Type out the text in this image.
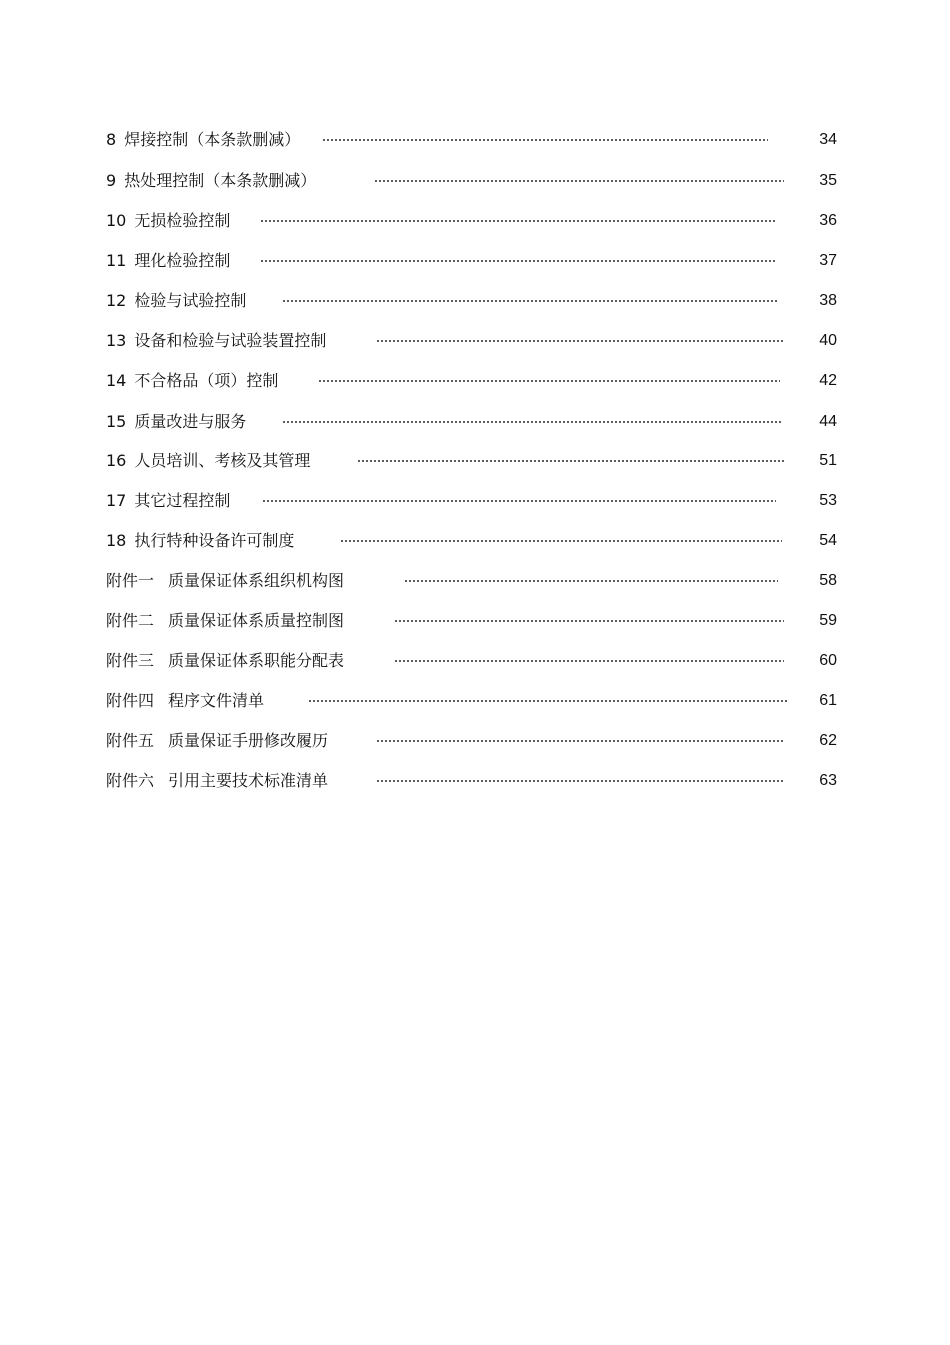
8 焊接控制（本条款删减）	34
9 热处理控制（本条款删减）	35
10 无损检验控制	36
11 理化检验控制	37
12 检验与试验控制	38
13 设备和检验与试验装置控制	40
14 不合格品（项）控制	42
15 质量改进与服务	44
16 人员培训、考核及其管理	51
17 其它过程控制	53
18 执行特种设备许可制度	54
附件一 质量保证体系组织机构图	58
附件二 质量保证体系质量控制图	59
附件三 质量保证体系职能分配表	60
附件四 程序文件清单	61
附件五 质量保证手册修改履历	62
附件六 引用主要技术标准清单	63
